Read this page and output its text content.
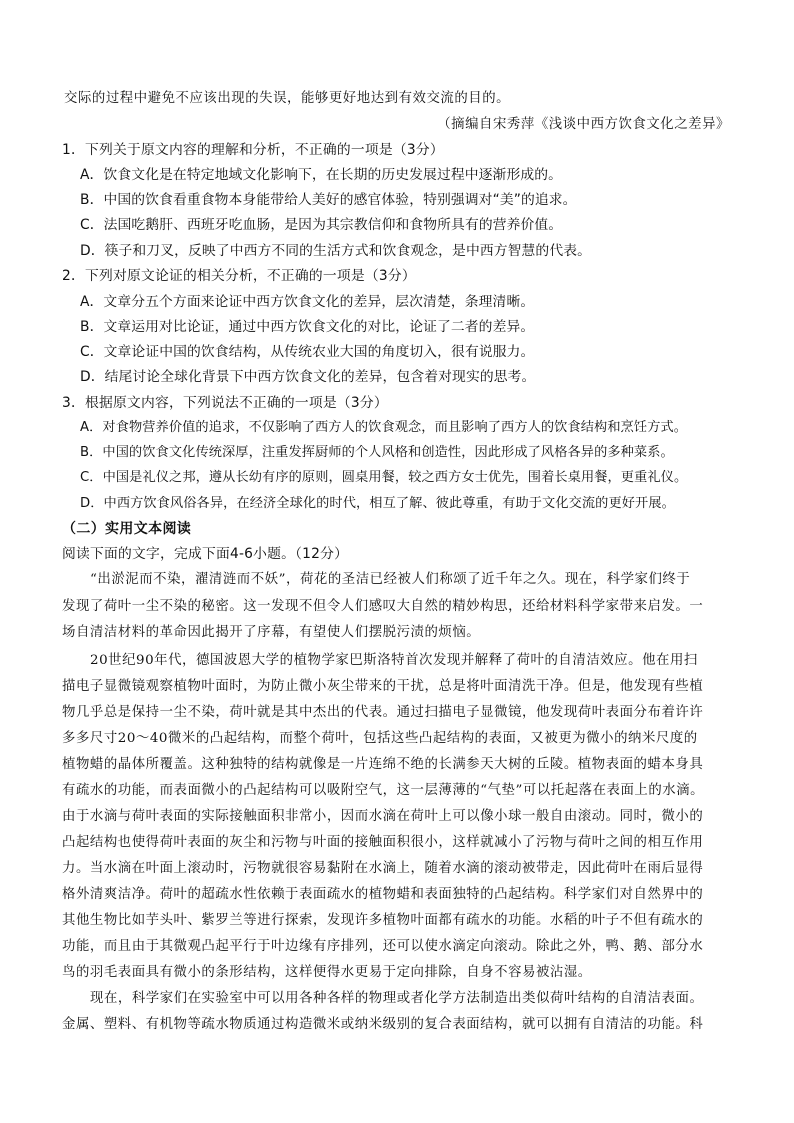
交际的过程中避免不应该出现的失误，能够更好地达到有效交流的目的。
（摘编自宋秀萍《浅谈中西方饮食文化之差异》
1．下列关于原文内容的理解和分析，不正确的一项是（3分）
A．饮食文化是在特定地域文化影响下，在长期的历史发展过程中逐渐形成的。
B．中国的饮食看重食物本身能带给人美好的感官体验，特别强调对“美”的追求。
C．法国吃鹅肝、西班牙吃血肠，是因为其宗教信仰和食物所具有的营养价值。
D．筷子和刀叉，反映了中西方不同的生活方式和饮食观念，是中西方智慧的代表。
2．下列对原文论证的相关分析，不正确的一项是（3分）
A．文章分五个方面来论证中西方饮食文化的差异，层次清楚，条理清晰。
B．文章运用对比论证，通过中西方饮食文化的对比，论证了二者的差异。
C．文章论证中国的饮食结构，从传统农业大国的角度切入，很有说服力。
D．结尾讨论全球化背景下中西方饮食文化的差异，包含着对现实的思考。
3．根据原文内容，下列说法不正确的一项是（3分）
A．对食物营养价值的追求，不仅影响了西方人的饮食观念，而且影响了西方人的饮食结构和烹饪方式。
B．中国的饮食文化传统深厚，注重发挥厨师的个人风格和创造性，因此形成了风格各异的多种菜系。
C．中国是礼仪之邦，遵从长幼有序的原则，圆桌用餐，较之西方女士优先，围着长桌用餐，更重礼仪。
D．中西方饮食风俗各异，在经济全球化的时代，相互了解、彼此尊重，有助于文化交流的更好开展。
（二）实用文本阅读
阅读下面的文字，完成下面4-6小题。（12分）
“出淤泥而不染，濯清涟而不妖”，荷花的圣洁已经被人们称颂了近千年之久。现在，科学家们终于
发现了荷叶一尘不染的秘密。这一发现不但令人们感叹大自然的精妙构思，还给材料科学家带来启发。一
场自清洁材料的革命因此揭开了序幕，有望使人们摆脱污渍的烦恼。
20世纪90年代，德国波恩大学的植物学家巴斯洛特首次发现并解释了荷叶的自清洁效应。他在用扫
描电子显微镜观察植物叶面时，为防止微小灰尘带来的干扰，总是将叶面清洗干净。但是，他发现有些植
物几乎总是保持一尘不染，荷叶就是其中杰出的代表。通过扫描电子显微镜，他发现荷叶表面分布着许许
多多尺寸20～40微米的凸起结构，而整个荷叶，包括这些凸起结构的表面，又被更为微小的纳米尺度的
植物蜡的晶体所覆盖。这种独特的结构就像是一片连绵不绝的长满参天大树的丘陵。植物表面的蜡本身具
有疏水的功能，而表面微小的凸起结构可以吸附空气，这一层薄薄的“气垫”可以托起落在表面上的水滴。
由于水滴与荷叶表面的实际接触面积非常小，因而水滴在荷叶上可以像小球一般自由滚动。同时，微小的
凸起结构也使得荷叶表面的灰尘和污物与叶面的接触面积很小，这样就减小了污物与荷叶之间的相互作用
力。当水滴在叶面上滚动时，污物就很容易黏附在水滴上，随着水滴的滚动被带走，因此荷叶在雨后显得
格外清爽洁净。荷叶的超疏水性依赖于表面疏水的植物蜡和表面独特的凸起结构。科学家们对自然界中的
其他生物比如芋头叶、紫罗兰等进行探索，发现许多植物叶面都有疏水的功能。水稻的叶子不但有疏水的
功能，而且由于其微观凸起平行于叶边缘有序排列，还可以使水滴定向滚动。除此之外，鸭、鹅、部分水
鸟的羽毛表面具有微小的条形结构，这样便得水更易于定向排除，自身不容易被沾湿。
现在，科学家们在实验室中可以用各种各样的物理或者化学方法制造出类似荷叶结构的自清洁表面。
金属、塑料、有机物等疏水物质通过构造微米或纳米级别的复合表面结构，就可以拥有自清洁的功能。科
